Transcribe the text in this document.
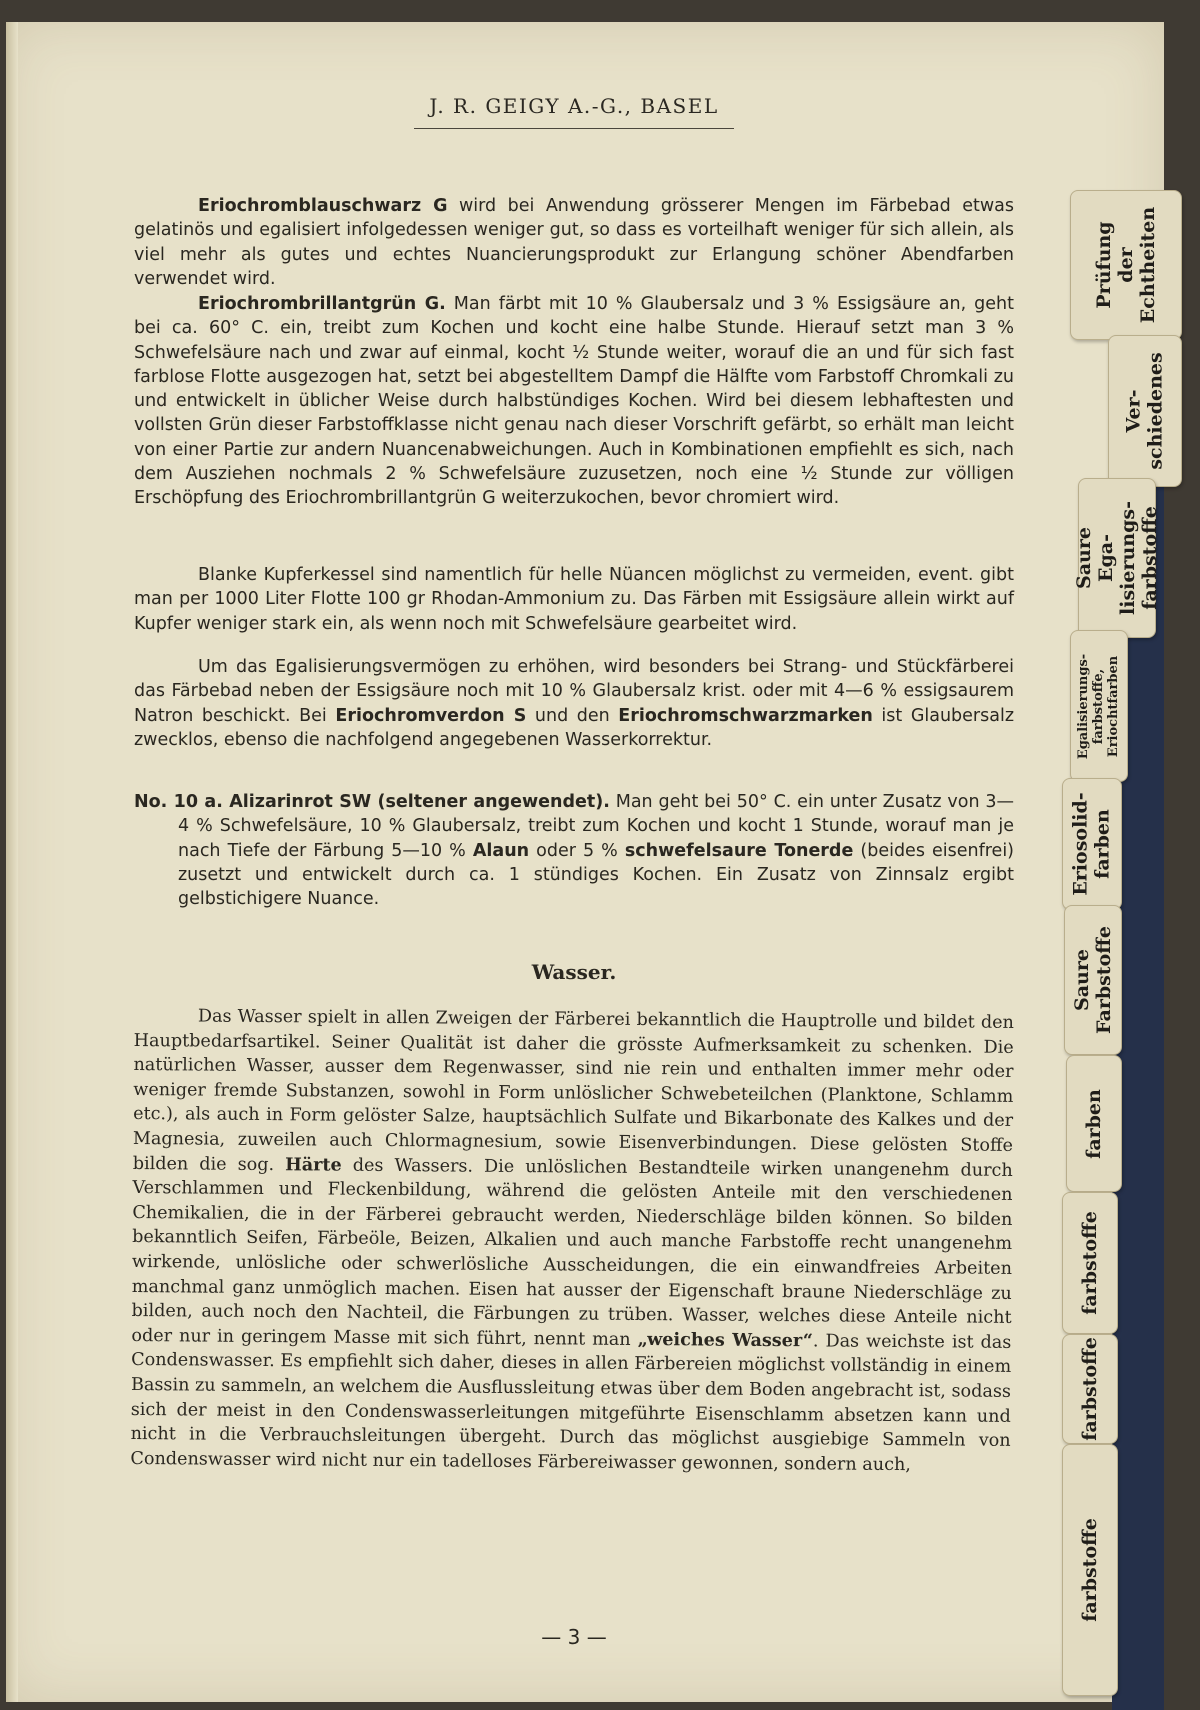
J. R. GEIGY A.-G., BASEL
Eriochromblauschwarz G wird bei Anwendung grösserer Mengen im Färbebad etwas gelatinös und egalisiert infolgedessen weniger gut, so dass es vorteilhaft weniger für sich allein, als viel mehr als gutes und echtes Nuancierungsprodukt zur Erlangung schöner Abendfarben verwendet wird.
Eriochrombrillantgrün G. Man färbt mit 10 % Glaubersalz und 3 % Essigsäure an, geht bei ca. 60° C. ein, treibt zum Kochen und kocht eine halbe Stunde. Hierauf setzt man 3 % Schwefelsäure nach und zwar auf einmal, kocht ½ Stunde weiter, worauf die an und für sich fast farblose Flotte ausgezogen hat, setzt bei abgestelltem Dampf die Hälfte vom Farbstoff Chromkali zu und entwickelt in üblicher Weise durch halbstündiges Kochen. Wird bei diesem lebhaftesten und vollsten Grün dieser Farbstoffklasse nicht genau nach dieser Vorschrift gefärbt, so erhält man leicht von einer Partie zur andern Nuancenabweichungen. Auch in Kombinationen empfiehlt es sich, nach dem Ausziehen nochmals 2 % Schwefelsäure zuzusetzen, noch eine ½ Stunde zur völligen Erschöpfung des Eriochrombrillantgrün G weiterzukochen, bevor chromiert wird.
Blanke Kupferkessel sind namentlich für helle Nüancen möglichst zu vermeiden, event. gibt man per 1000 Liter Flotte 100 gr Rhodan-Ammonium zu. Das Färben mit Essigsäure allein wirkt auf Kupfer weniger stark ein, als wenn noch mit Schwefelsäure gearbeitet wird.
Um das Egalisierungsvermögen zu erhöhen, wird besonders bei Strang- und Stückfärberei das Färbebad neben der Essigsäure noch mit 10 % Glaubersalz krist. oder mit 4—6 % essigsaurem Natron beschickt. Bei Eriochromverdon S und den Eriochromschwarzmarken ist Glaubersalz zwecklos, ebenso die nachfolgend angegebenen Wasserkorrektur.
No. 10 a. Alizarinrot SW (seltener angewendet). Man geht bei 50° C. ein unter Zusatz von 3—4 % Schwefelsäure, 10 % Glaubersalz, treibt zum Kochen und kocht 1 Stunde, worauf man je nach Tiefe der Färbung 5—10 % Alaun oder 5 % schwefelsaure Tonerde (beides eisenfrei) zusetzt und entwickelt durch ca. 1 stündiges Kochen. Ein Zusatz von Zinnsalz ergibt gelbstichigere Nuance.
Wasser.
Das Wasser spielt in allen Zweigen der Färberei bekanntlich die Hauptrolle und bildet den Hauptbedarfsartikel. Seiner Qualität ist daher die grösste Aufmerksamkeit zu schenken. Die natürlichen Wasser, ausser dem Regenwasser, sind nie rein und enthalten immer mehr oder weniger fremde Substanzen, sowohl in Form unlöslicher Schwebeteilchen (Planktone, Schlamm etc.), als auch in Form gelöster Salze, hauptsächlich Sulfate und Bikarbonate des Kalkes und der Magnesia, zuweilen auch Chlormagnesium, sowie Eisenverbindungen. Diese gelösten Stoffe bilden die sog. Härte des Wassers. Die unlöslichen Bestandteile wirken unangenehm durch Verschlammen und Fleckenbildung, während die gelösten Anteile mit den verschiedenen Chemikalien, die in der Färberei gebraucht werden, Niederschläge bilden können. So bilden bekanntlich Seifen, Färbeöle, Beizen, Alkalien und auch manche Farbstoffe recht unangenehm wirkende, unlösliche oder schwerlösliche Ausscheidungen, die ein einwandfreies Arbeiten manchmal ganz unmöglich machen. Eisen hat ausser der Eigenschaft braune Niederschläge zu bilden, auch noch den Nachteil, die Färbungen zu trüben. Wasser, welches diese Anteile nicht oder nur in geringem Masse mit sich führt, nennt man „weiches Wasser“. Das weichste ist das Condenswasser. Es empfiehlt sich daher, dieses in allen Färbereien möglichst vollständig in einem Bassin zu sammeln, an welchem die Ausflussleitung etwas über dem Boden angebracht ist, sodass sich der meist in den Condenswasserleitungen mitgeführte Eisenschlamm absetzen kann und nicht in die Verbrauchsleitungen übergeht. Durch das möglichst ausgiebige Sammeln von Condenswasser wird nicht nur ein tadelloses Färbereiwasser gewonnen, sondern auch,
— 3 —
Prüfung
der
Echtheiten
Ver-
schiedenes
Saure Ega-
lisierungs-
farbstoffe
Egalisierungs-
farbstoffe,
Eriochtfarben
Eriosolid-
farben
Saure
Farbstoffe
farben
farbstoffe
farbstoffe
farbstoffe
